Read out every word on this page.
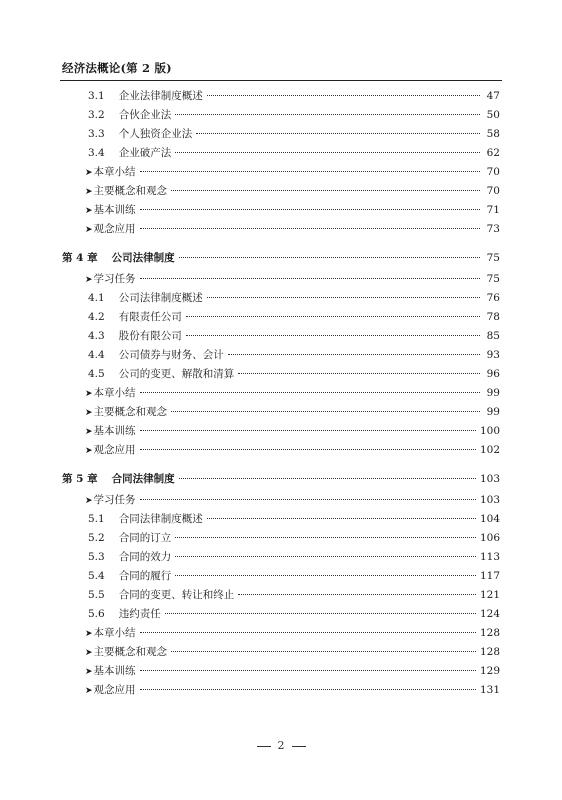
经济法概论(第 2 版)
3.1 企业法律制度概述	47
3.2 合伙企业法	50
3.3 个人独资企业法	58
3.4 企业破产法	62
➤ 本章小结	70
➤ 主要概念和观念	70
➤ 基本训练	71
➤ 观念应用	73
第 4 章 公司法律制度	75
➤ 学习任务	75
4.1 公司法律制度概述	76
4.2 有限责任公司	78
4.3 股份有限公司	85
4.4 公司债券与财务、会计	93
4.5 公司的变更、解散和清算	96
➤ 本章小结	99
➤ 主要概念和观念	99
➤ 基本训练	100
➤ 观念应用	102
第 5 章 合同法律制度	103
➤ 学习任务	103
5.1 合同法律制度概述	104
5.2 合同的订立	106
5.3 合同的效力	113
5.4 合同的履行	117
5.5 合同的变更、转让和终止	121
5.6 违约责任	124
➤ 本章小结	128
➤ 主要概念和观念	128
➤ 基本训练	129
➤ 观念应用	131
2
